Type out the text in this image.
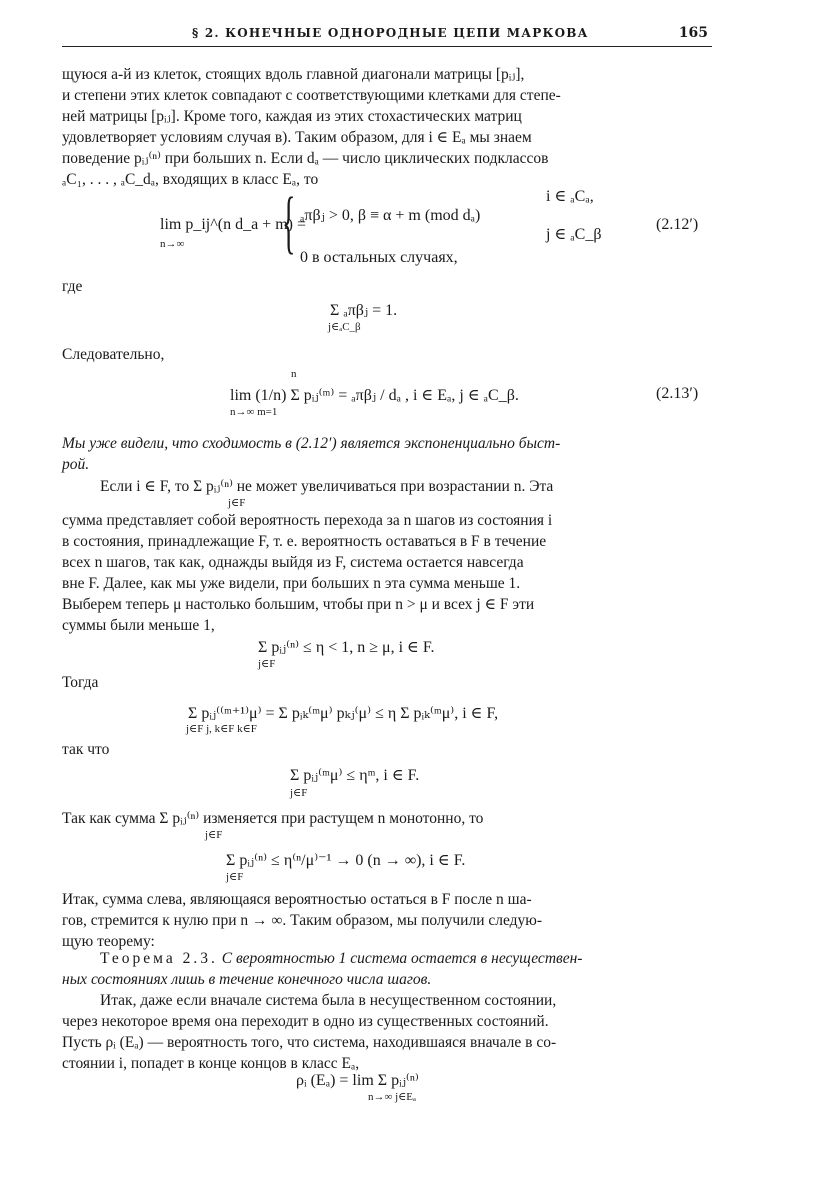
§ 2. КОНЕЧНЫЕ ОДНОРОДНЫЕ ЦЕПИ МАРКОВА	165
щуюся a-й из клеток, стоящих вдоль главной диагонали матрицы [pᵢⱼ],
и степени этих клеток совпадают с соответствующими клетками для степе-
ней матрицы [pᵢⱼ]. Кроме того, каждая из этих стохастических матриц
удовлетворяет условиям случая в). Таким образом, для i ∈ Eₐ мы знаем
поведение pᵢⱼ⁽ⁿ⁾ при больших n. Если dₐ — число циклических подклассов
ₐC₁, . . . , ₐC_dₐ, входящих в класс Eₐ, то
lim p_ij^(n d_a + m) =
n→∞ { ₐπβⱼ > 0, β ≡ α + m (mod dₐ)
i ∈ ₐCₐ,
j ∈ ₐC_β
0 в остальных случаях,
(2.12′)
где
Σ ₐπβⱼ = 1.
j∈ₐC_β
Следовательно,
n
lim (1/n) Σ pᵢⱼ⁽ᵐ⁾ = ₐπβⱼ / dₐ , i ∈ Eₐ, j ∈ ₐC_β.
n→∞ m=1
(2.13′)
Мы уже видели, что сходимость в (2.12′) является экспоненциально быст-
рой.
Если i ∈ F, то Σ pᵢⱼ⁽ⁿ⁾ не может увеличиваться при возрастании n. Эта
j∈F
сумма представляет собой вероятность перехода за n шагов из состояния i
в состояния, принадлежащие F, т. е. вероятность оставаться в F в течение
всех n шагов, так как, однажды выйдя из F, система остается навсегда
вне F. Далее, как мы уже видели, при больших n эта сумма меньше 1.
Выберем теперь μ настолько большим, чтобы при n > μ и всех j ∈ F эти
суммы были меньше 1,
Σ pᵢⱼ⁽ⁿ⁾ ≤ η < 1, n ≥ μ, i ∈ F.
j∈F
Тогда
Σ pᵢⱼ⁽⁽ᵐ⁺¹⁾μ⁾ = Σ pᵢₖ⁽ᵐμ⁾ pₖⱼ⁽μ⁾ ≤ η Σ pᵢₖ⁽ᵐμ⁾, i ∈ F,
j∈F j, k∈F k∈F
так что
Σ pᵢⱼ⁽ᵐμ⁾ ≤ ηᵐ, i ∈ F.
j∈F
Так как сумма Σ pᵢⱼ⁽ⁿ⁾ изменяется при растущем n монотонно, то
j∈F
Σ pᵢⱼ⁽ⁿ⁾ ≤ η⁽ⁿ/μ⁾⁻¹ → 0 (n → ∞), i ∈ F.
j∈F
Итак, сумма слева, являющаяся вероятностью остаться в F после n ша-
гов, стремится к нулю при n → ∞. Таким образом, мы получили следую-
щую теорему:
Теорема 2.3. С вероятностью 1 система остается в несуществен-
ных состояниях лишь в течение конечного числа шагов.
Итак, даже если вначале система была в несущественном состоянии,
через некоторое время она переходит в одно из существенных состояний.
Пусть ρᵢ (Eₐ) — вероятность того, что система, находившаяся вначале в со-
стоянии i, попадет в конце концов в класс Eₐ,
ρᵢ (Eₐ) = lim Σ pᵢⱼ⁽ⁿ⁾
n→∞ j∈Eₐ
